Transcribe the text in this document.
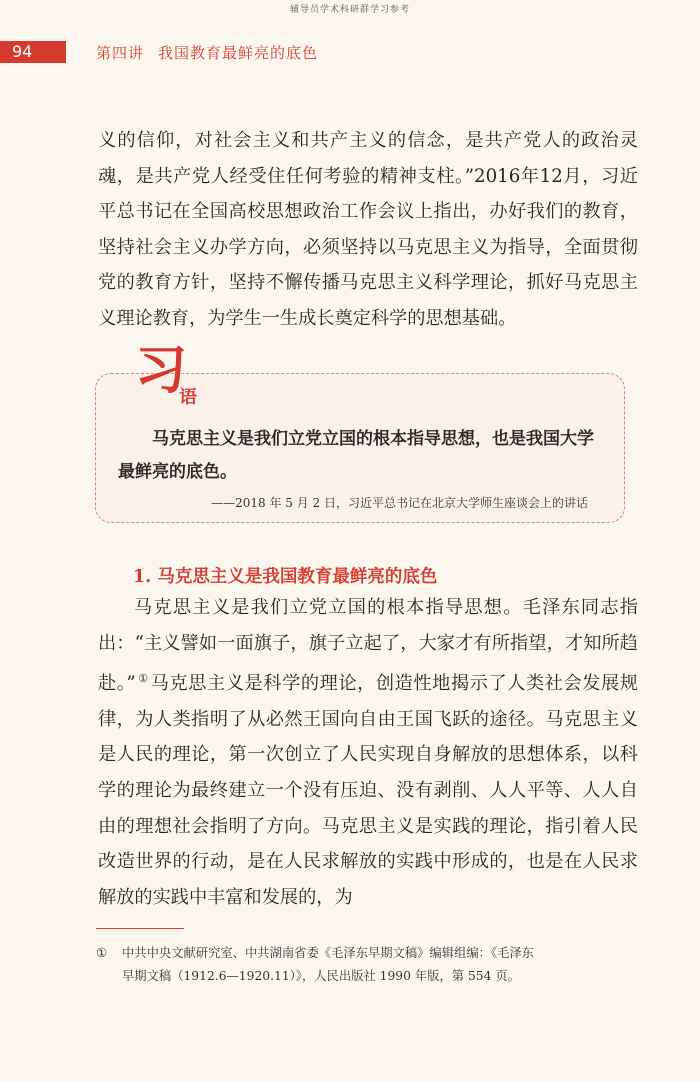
辅导员学术科研群学习参考
94	第四讲 我国教育最鲜亮的底色

义的信仰，对社会主义和共产主义的信念，是共产党人的政治灵魂，是共产党人经受住任何考验的精神支柱。”2016年12月，习近平总书记在全国高校思想政治工作会议上指出，办好我们的教育，坚持社会主义办学方向，必须坚持以马克思主义为指导，全面贯彻党的教育方针，坚持不懈传播马克思主义科学理论，抓好马克思主义理论教育，为学生一生成长奠定科学的思想基础。

习
语

马克思主义是我们立党立国的根本指导思想，也是我国大学最鲜亮的底色。

——2018 年 5 月 2 日，习近平总书记在北京大学师生座谈会上的讲话
1. 马克思主义是我国教育最鲜亮的底色

马克思主义是我们立党立国的根本指导思想。毛泽东同志指出：“主义譬如一面旗子，旗子立起了，大家才有所指望，才知所趋赴。” ① 马克思主义是科学的理论，创造性地揭示了人类社会发展规律，为人类指明了从必然王国向自由王国飞跃的途径。马克思主义是人民的理论，第一次创立了人民实现自身解放的思想体系，以科学的理论为最终建立一个没有压迫、没有剥削、人人平等、人人自由的理想社会指明了方向。马克思主义是实践的理论，指引着人民改造世界的行动，是在人民求解放的实践中形成的，也是在人民求解放的实践中丰富和发展的，为

① 中共中央文献研究室、中共湖南省委《毛泽东早期文稿》编辑组编：《毛泽东
早期文稿（1912.6—1920.11）》，人民出版社 1990 年版，第 554 页。
